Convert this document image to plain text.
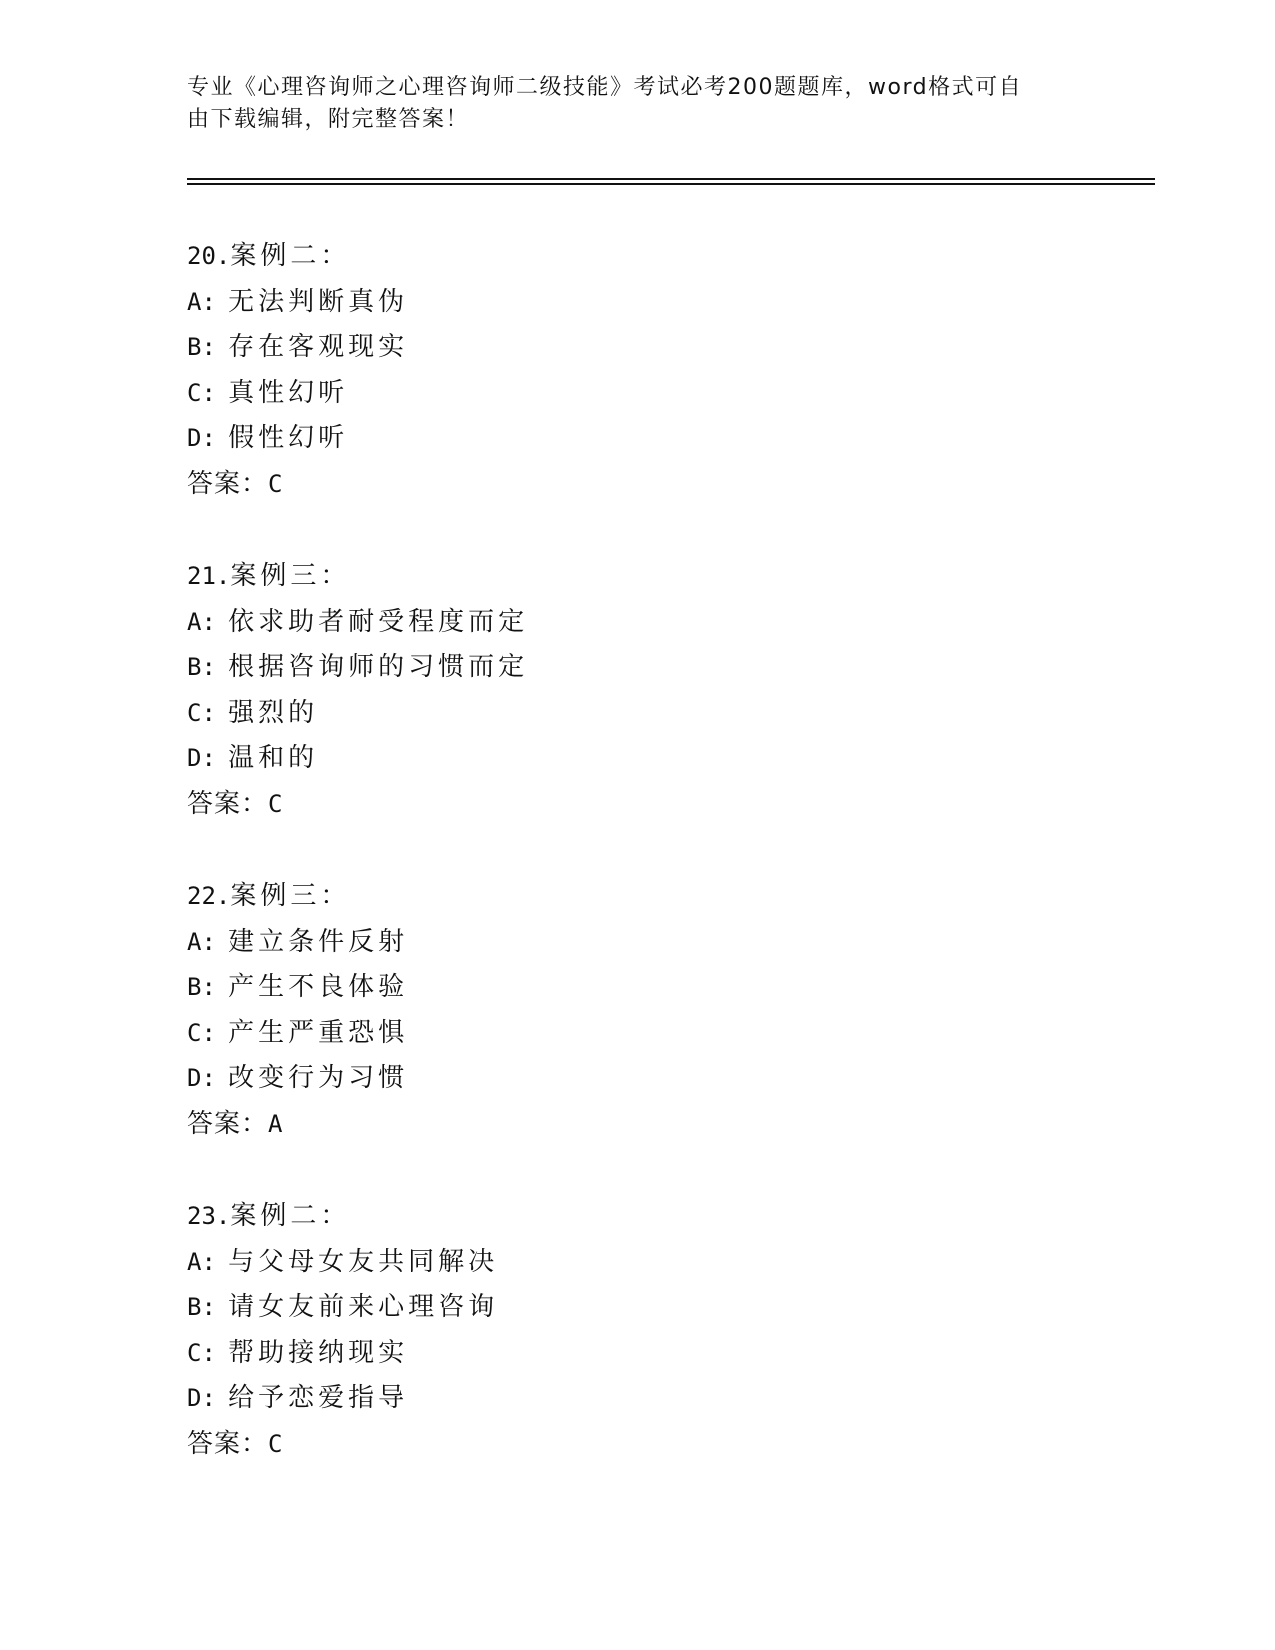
专业《心理咨询师之心理咨询师二级技能》考试必考200题题库，word格式可自
由下载编辑，附完整答案！
20.案例二：
A: 无法判断真伪
B: 存在客观现实
C: 真性幻听
D: 假性幻听
答案：C
21.案例三：
A: 依求助者耐受程度而定
B: 根据咨询师的习惯而定
C: 强烈的
D: 温和的
答案：C
22.案例三：
A: 建立条件反射
B: 产生不良体验
C: 产生严重恐惧
D: 改变行为习惯
答案：A
23.案例二：
A: 与父母女友共同解决
B: 请女友前来心理咨询
C: 帮助接纳现实
D: 给予恋爱指导
答案：C
